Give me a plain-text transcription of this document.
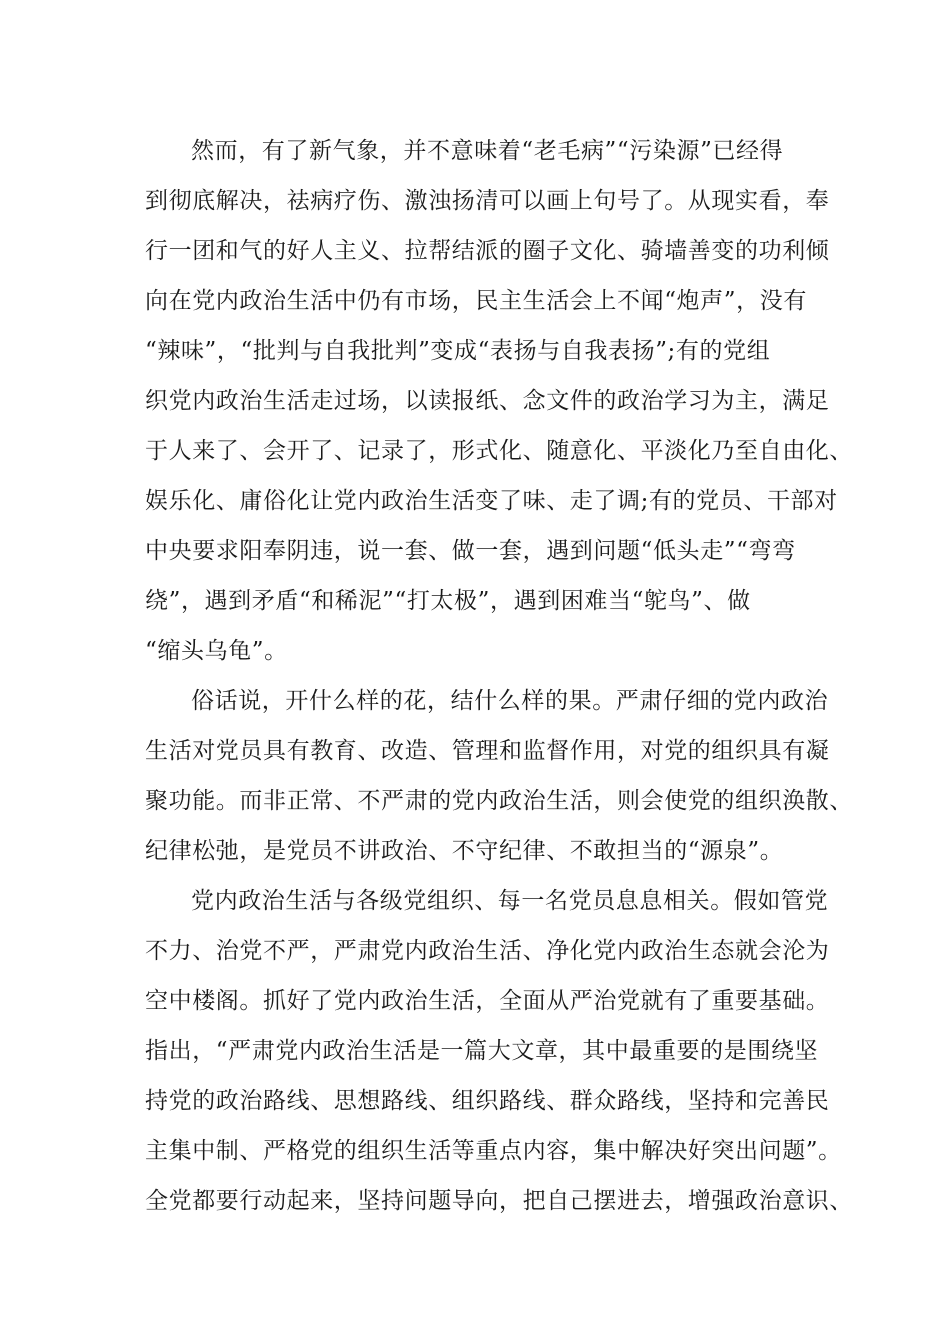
然而，有了新气象，并不意味着“老毛病”“污染源”已经得
到彻底解决，祛病疗伤、激浊扬清可以画上句号了。从现实看，奉
行一团和气的好人主义、拉帮结派的圈子文化、骑墙善变的功利倾
向在党内政治生活中仍有市场，民主生活会上不闻“炮声”，没有
“辣味”，“批判与自我批判”变成“表扬与自我表扬”;有的党组
织党内政治生活走过场，以读报纸、念文件的政治学习为主，满足
于人来了、会开了、记录了，形式化、随意化、平淡化乃至自由化、
娱乐化、庸俗化让党内政治生活变了味、走了调;有的党员、干部对
中央要求阳奉阴违，说一套、做一套，遇到问题“低头走”“弯弯
绕”，遇到矛盾“和稀泥”“打太极”，遇到困难当“鸵鸟”、做
“缩头乌龟”。
俗话说，开什么样的花，结什么样的果。严肃仔细的党内政治
生活对党员具有教育、改造、管理和监督作用，对党的组织具有凝
聚功能。而非正常、不严肃的党内政治生活，则会使党的组织涣散、
纪律松弛，是党员不讲政治、不守纪律、不敢担当的“源泉”。
党内政治生活与各级党组织、每一名党员息息相关。假如管党
不力、治党不严，严肃党内政治生活、净化党内政治生态就会沦为
空中楼阁。抓好了党内政治生活，全面从严治党就有了重要基础。
指出，“严肃党内政治生活是一篇大文章，其中最重要的是围绕坚
持党的政治路线、思想路线、组织路线、群众路线，坚持和完善民
主集中制、严格党的组织生活等重点内容，集中解决好突出问题”。
全党都要行动起来，坚持问题导向，把自己摆进去，增强政治意识、
